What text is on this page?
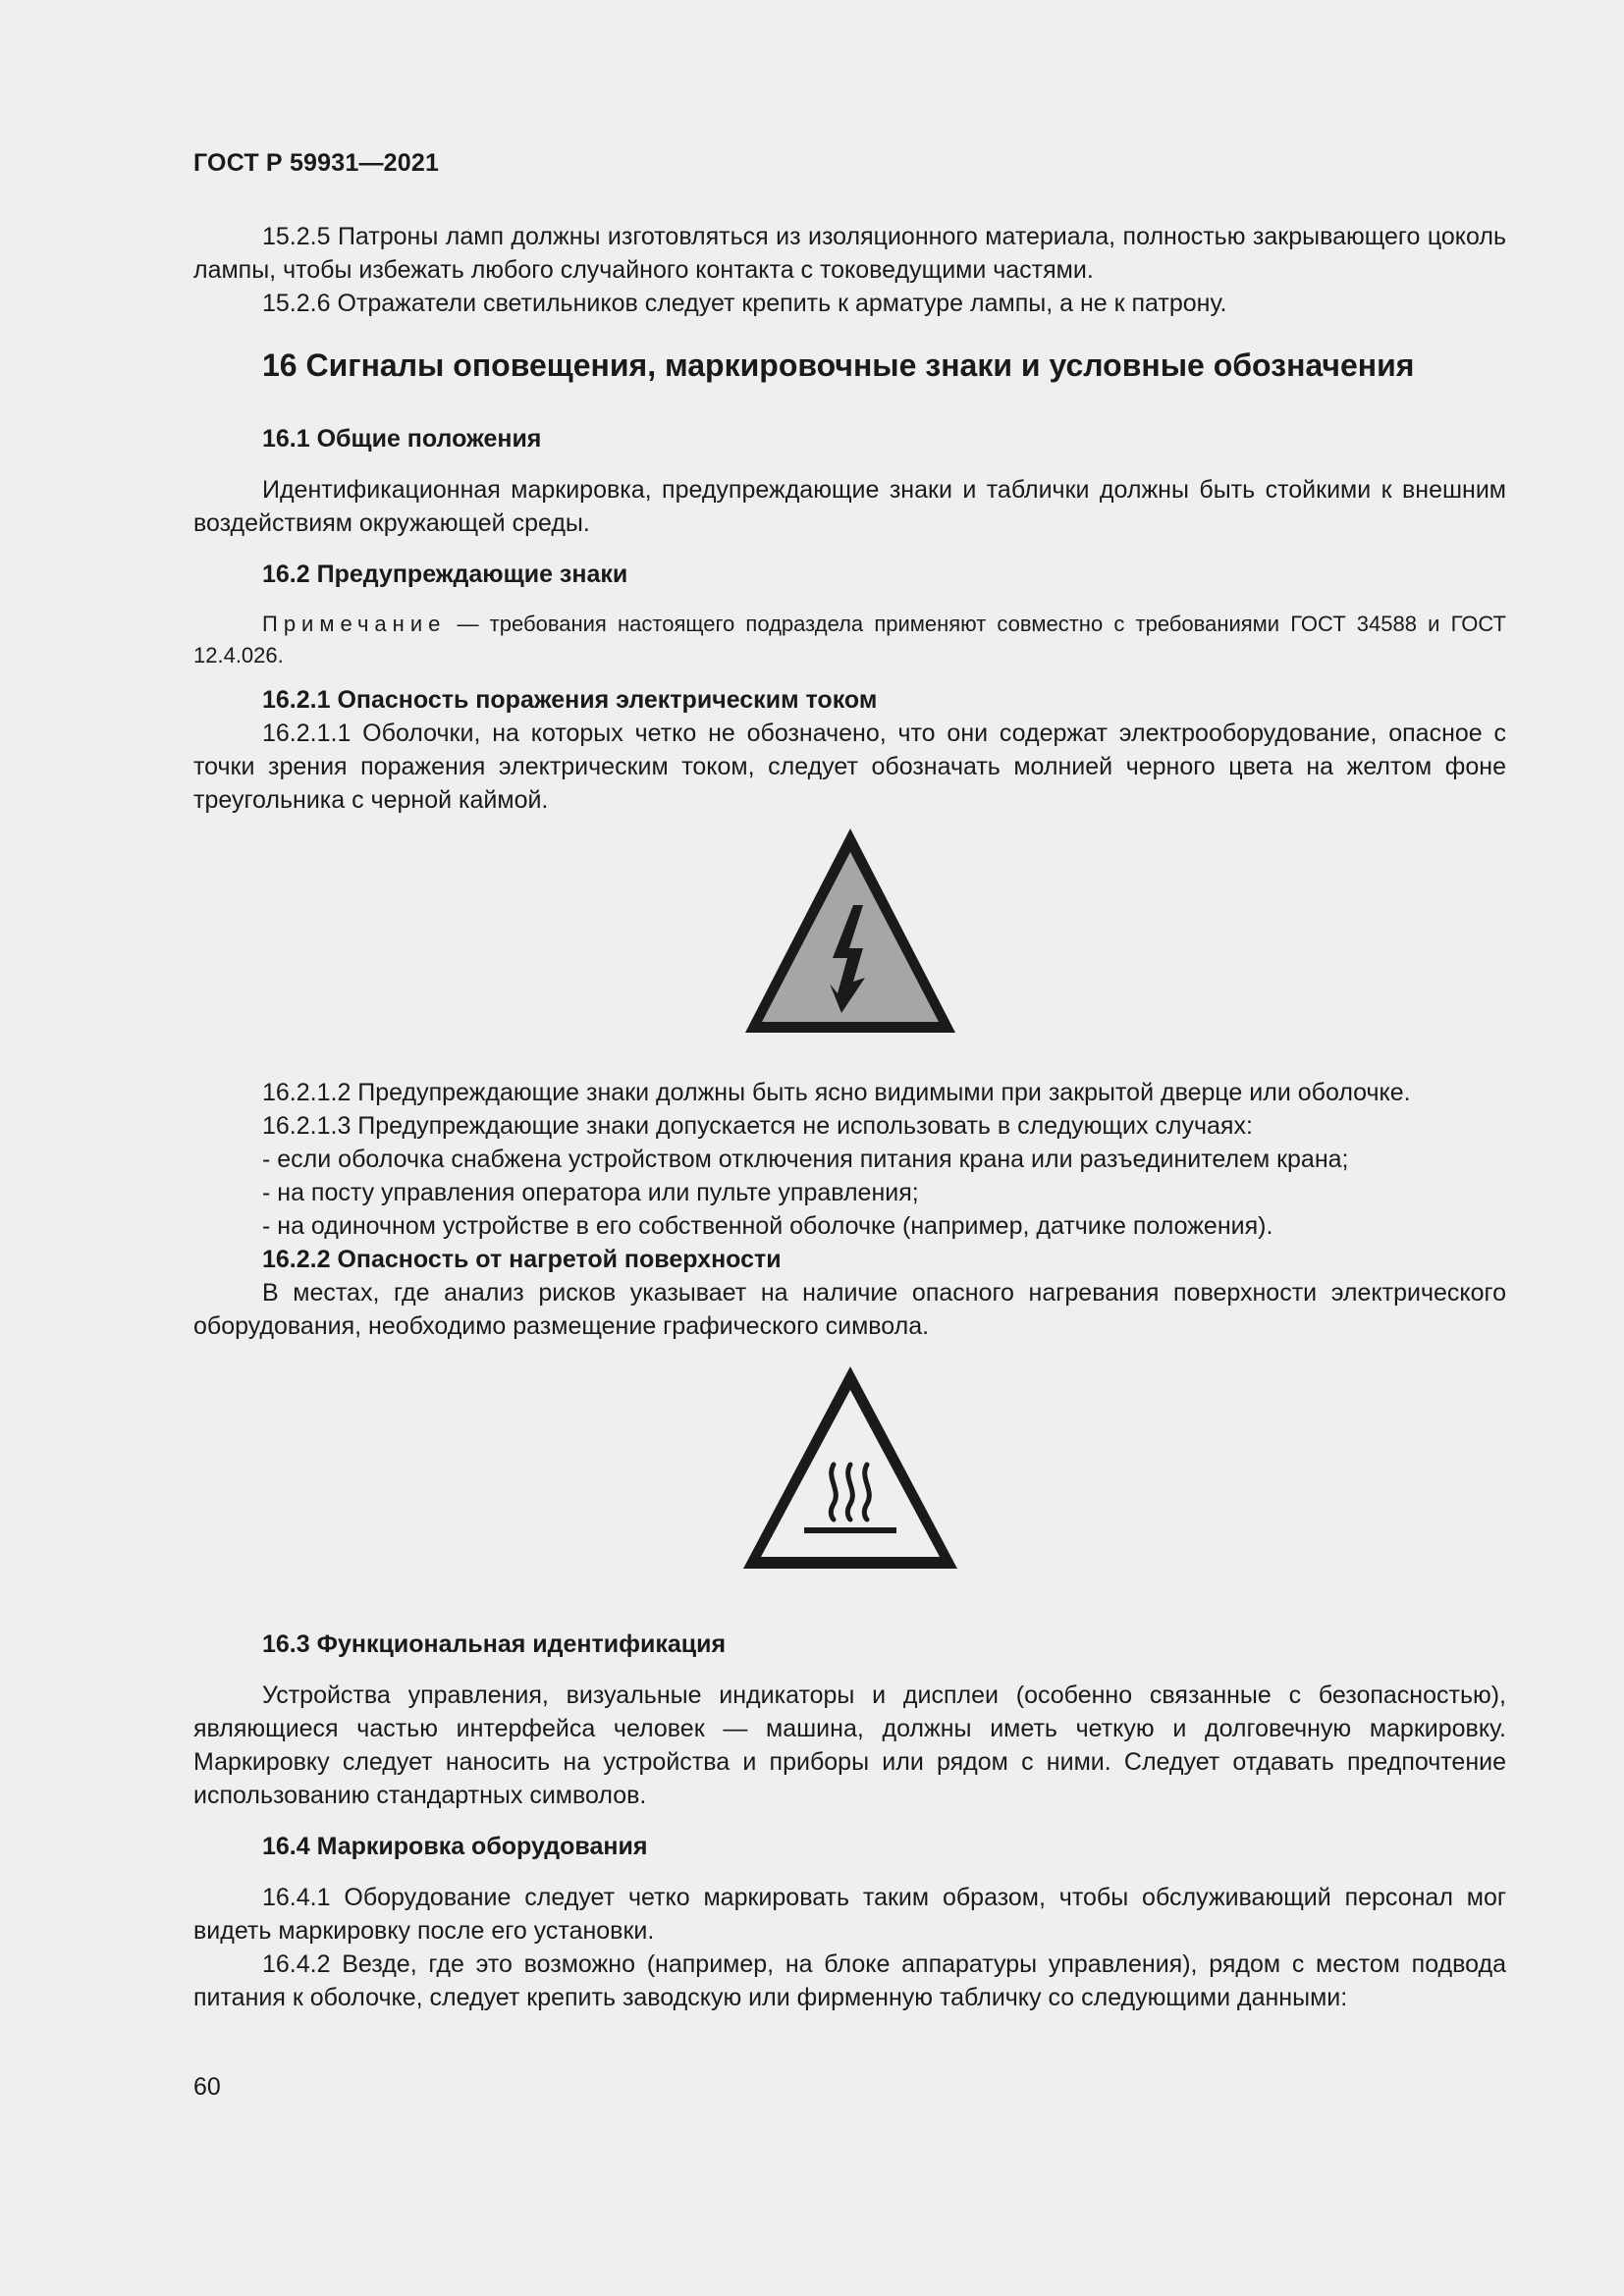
ГОСТ Р 59931—2021

15.2.5 Патроны ламп должны изготовляться из изоляционного материала, полностью закрывающего цоколь лампы, чтобы избежать любого случайного контакта с токоведущими частями.

15.2.6 Отражатели светильников следует крепить к арматуре лампы, а не к патрону.

16 Сигналы оповещения, маркировочные знаки и условные обозначения
16.1 Общие положения

Идентификационная маркировка, предупреждающие знаки и таблички должны быть стойкими к внешним воздействиям окружающей среды.

16.2 Предупреждающие знаки

Примечание — требования настоящего подраздела применяют совместно с требованиями ГОСТ 34588 и ГОСТ 12.4.026.

16.2.1 Опасность поражения электрическим током

16.2.1.1 Оболочки, на которых четко не обозначено, что они содержат электрооборудование, опасное с точки зрения поражения электрическим током, следует обозначать молнией черного цвета на желтом фоне треугольника с черной каймой.

16.2.1.2 Предупреждающие знаки должны быть ясно видимыми при закрытой дверце или оболочке.

16.2.1.3 Предупреждающие знаки допускается не использовать в следующих случаях:

- если оболочка снабжена устройством отключения питания крана или разъединителем крана;

- на посту управления оператора или пульте управления;

- на одиночном устройстве в его собственной оболочке (например, датчике положения).

16.2.2 Опасность от нагретой поверхности

В местах, где анализ рисков указывает на наличие опасного нагревания поверхности электрического оборудования, необходимо размещение графического символа.

16.3 Функциональная идентификация

Устройства управления, визуальные индикаторы и дисплеи (особенно связанные с безопасностью), являющиеся частью интерфейса человек — машина, должны иметь четкую и долговечную маркировку. Маркировку следует наносить на устройства и приборы или рядом с ними. Следует отдавать предпочтение использованию стандартных символов.

16.4 Маркировка оборудования

16.4.1 Оборудование следует четко маркировать таким образом, чтобы обслуживающий персонал мог видеть маркировку после его установки.

16.4.2 Везде, где это возможно (например, на блоке аппаратуры управления), рядом с местом подвода питания к оболочке, следует крепить заводскую или фирменную табличку со следующими данными:

60
